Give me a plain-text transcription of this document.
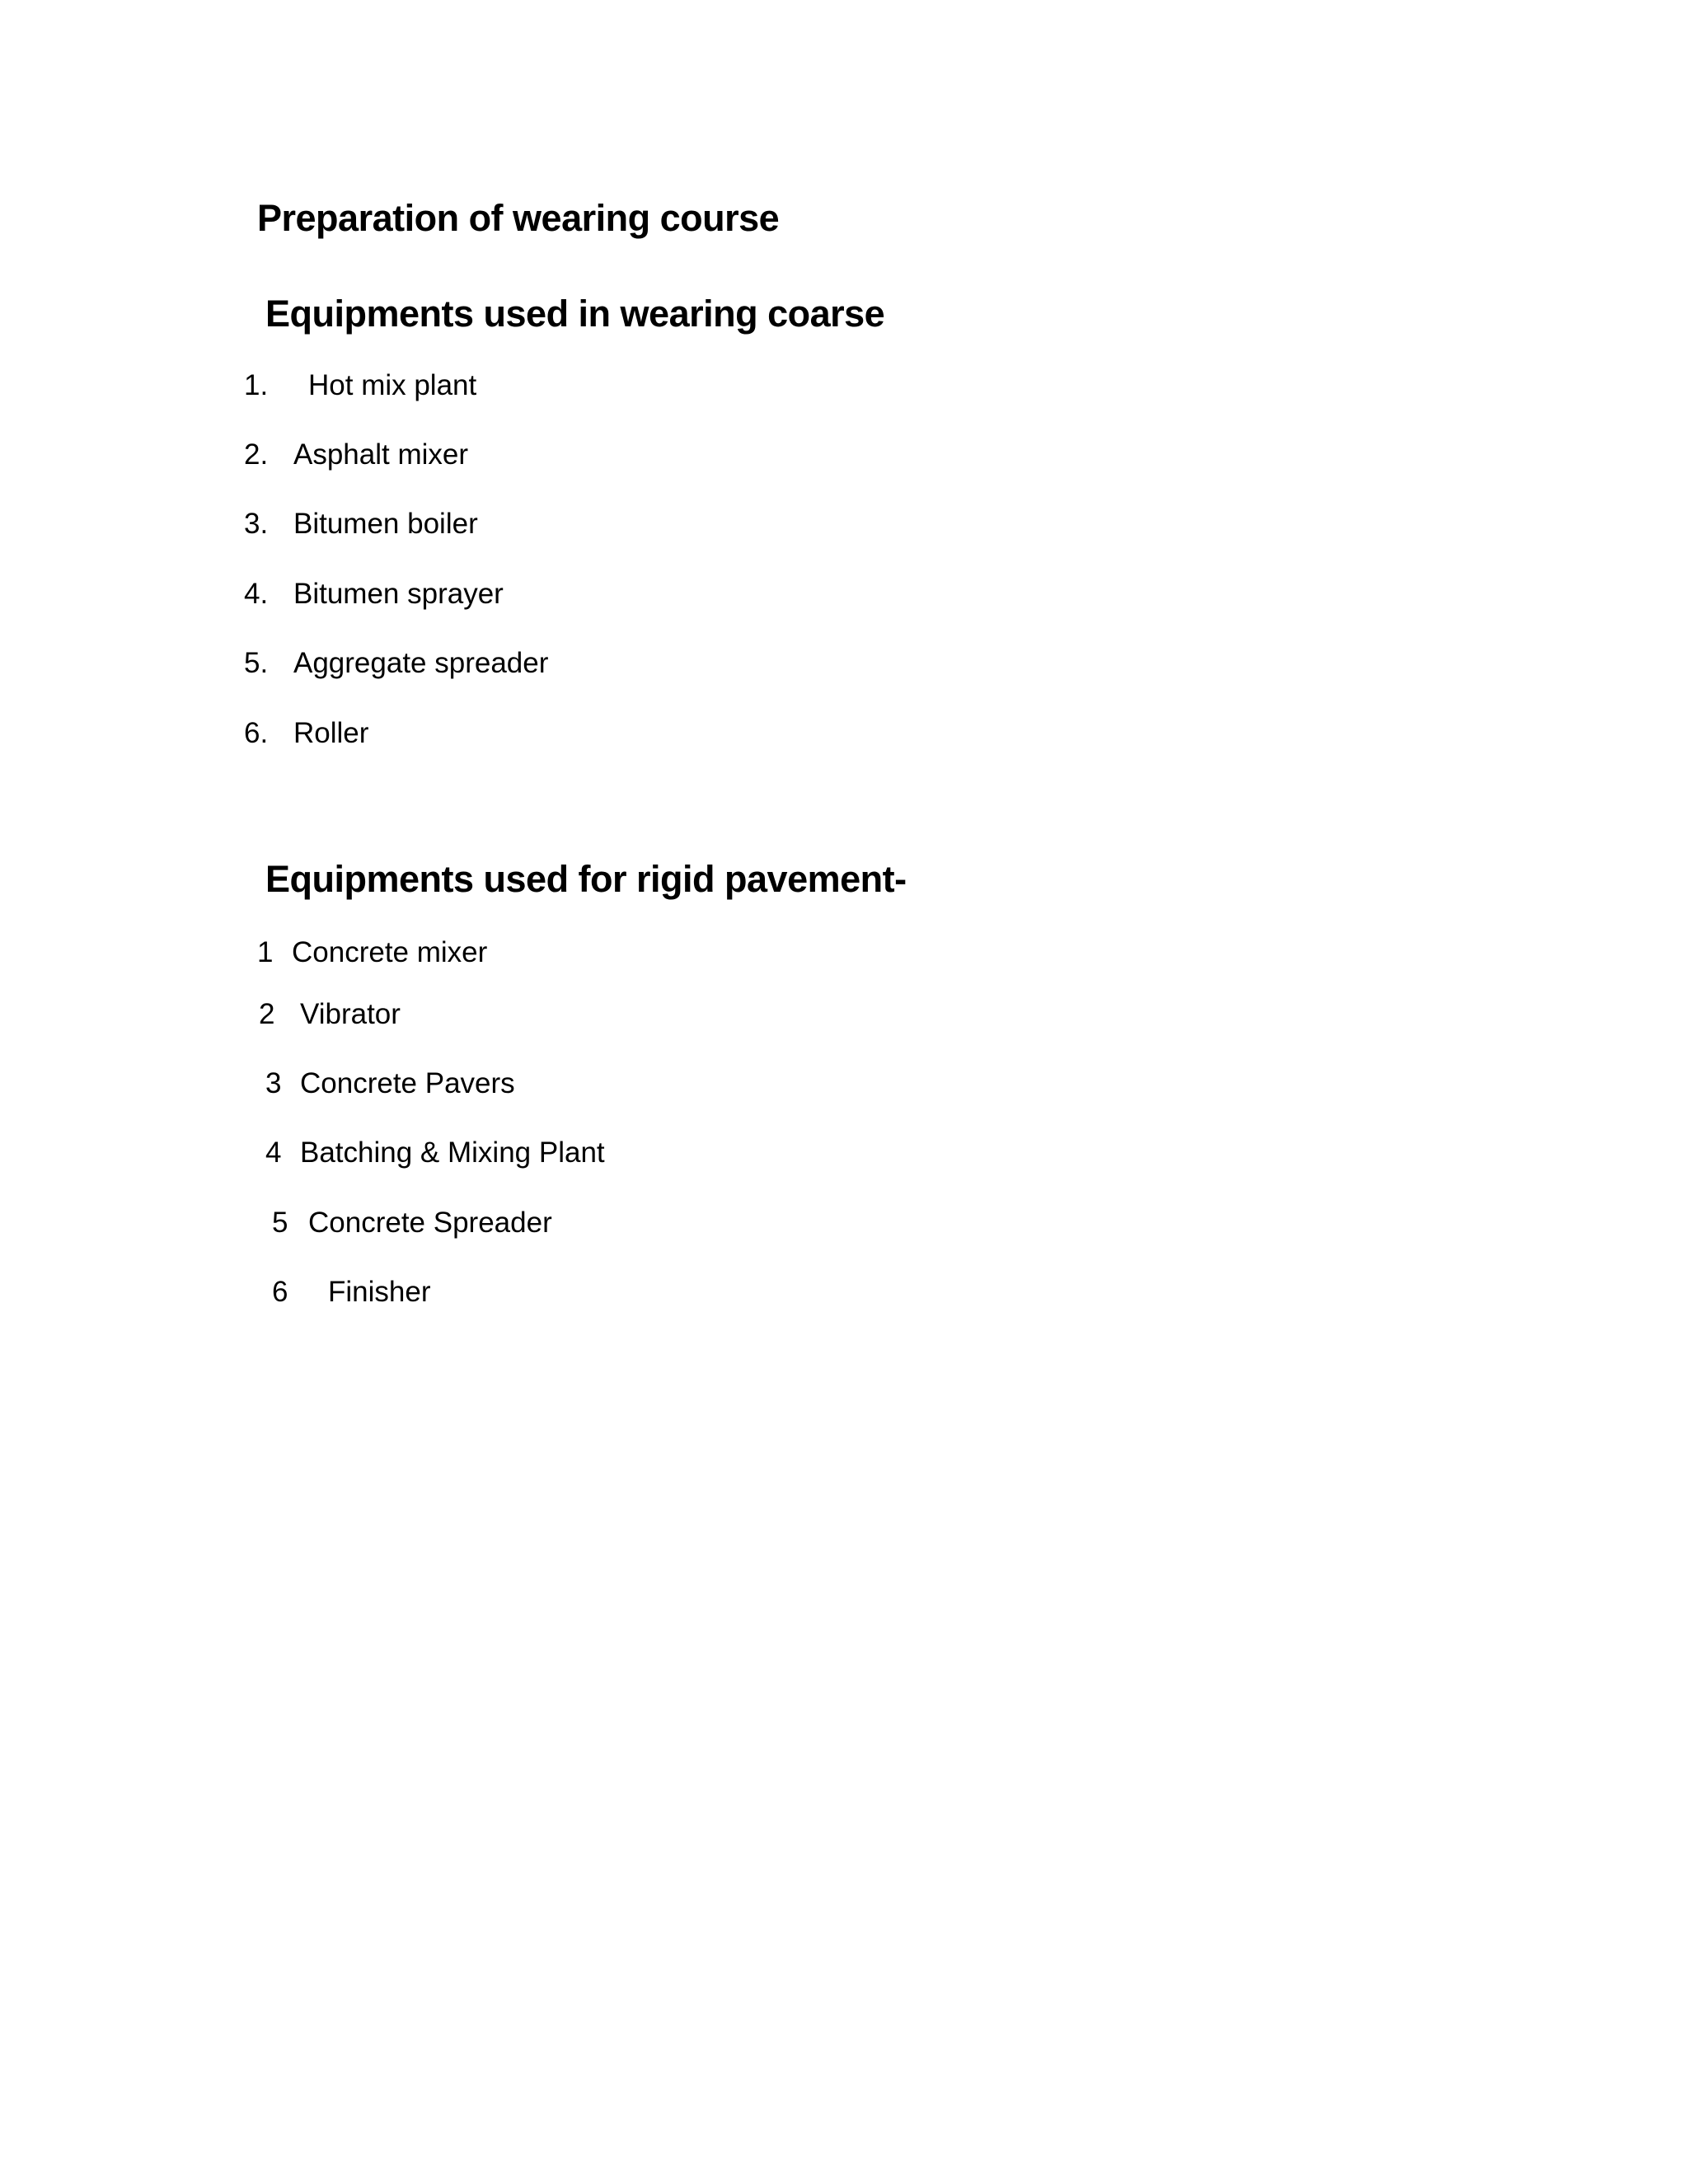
Preparation of wearing course
Equipments used in wearing coarse
1. Hot mix plant
2. Asphalt mixer
3. Bitumen boiler
4. Bitumen sprayer
5. Aggregate spreader
6. Roller
Equipments used for rigid pavement-
1 Concrete mixer
2 Vibrator
3 Concrete Pavers
4 Batching & Mixing Plant
5 Concrete Spreader
6 Finisher
